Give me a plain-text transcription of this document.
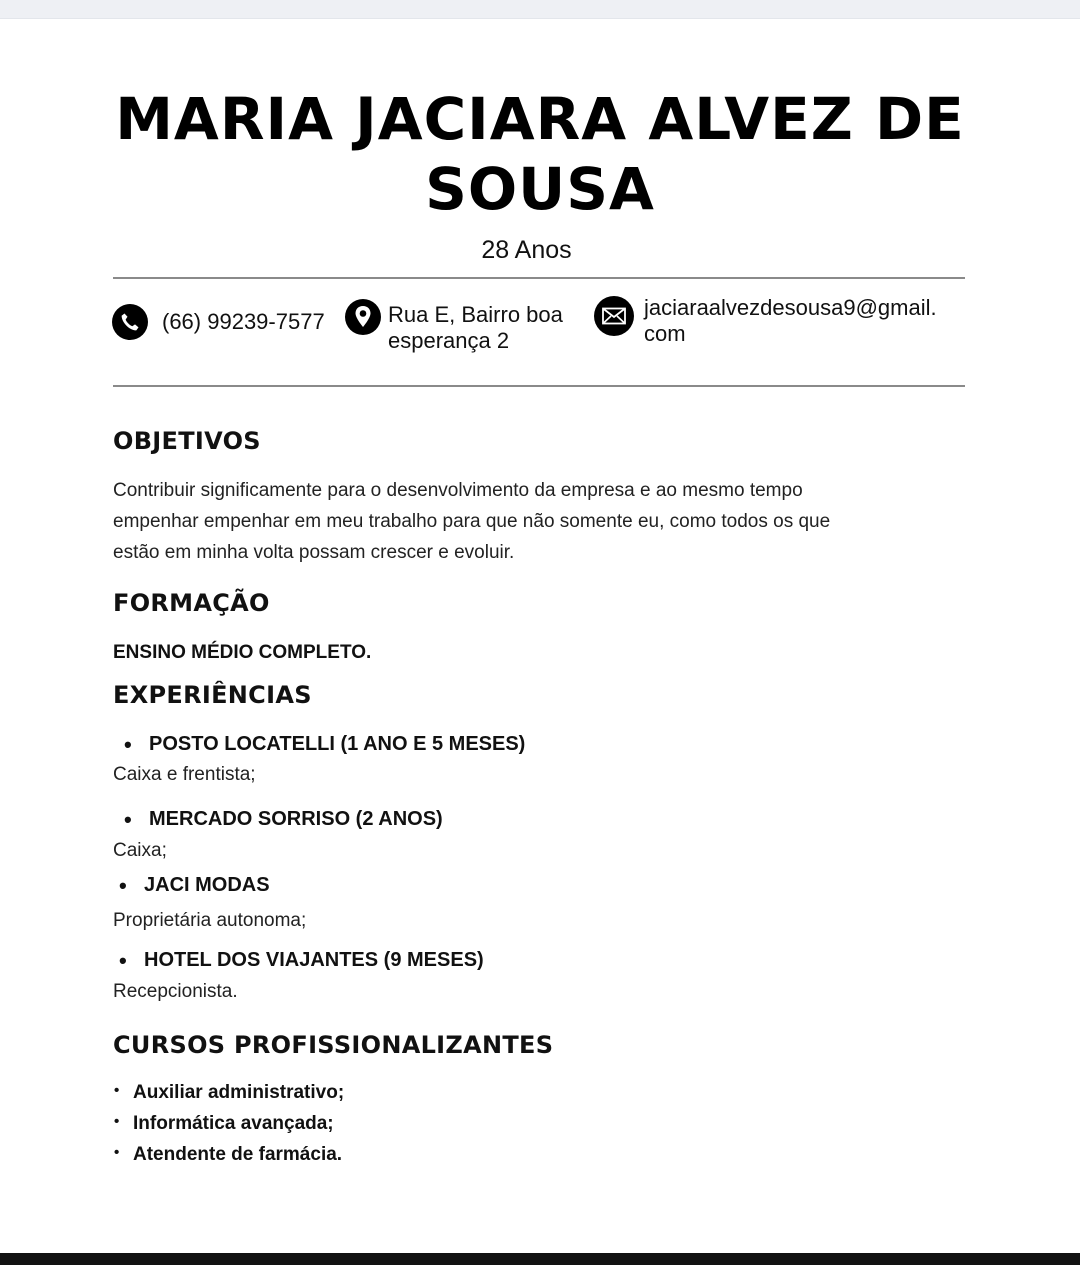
MARIA JACIARA ALVEZ DE SOUSA
28 Anos
(66) 99239-7577	Rua E, Bairro boa
esperança 2
jaciaraalvezdesousa9@gmail.
com
OBJETIVOS
Contribuir significamente para o desenvolvimento da empresa e ao mesmo tempo
empenhar empenhar em meu trabalho para que não somente eu, como todos os que
estão em minha volta possam crescer e evoluir.
FORMAÇÃO
ENSINO MÉDIO COMPLETO.
EXPERIÊNCIAS
• POSTO LOCATELLI (1 ANO E 5 MESES)
Caixa e frentista;
• MERCADO SORRISO (2 ANOS)
Caixa;
• JACI MODAS
Proprietária autonoma;
• HOTEL DOS VIAJANTES (9 MESES)
Recepcionista.
CURSOS PROFISSIONALIZANTES
• Auxiliar administrativo;
• Informática avançada;
• Atendente de farmácia.
